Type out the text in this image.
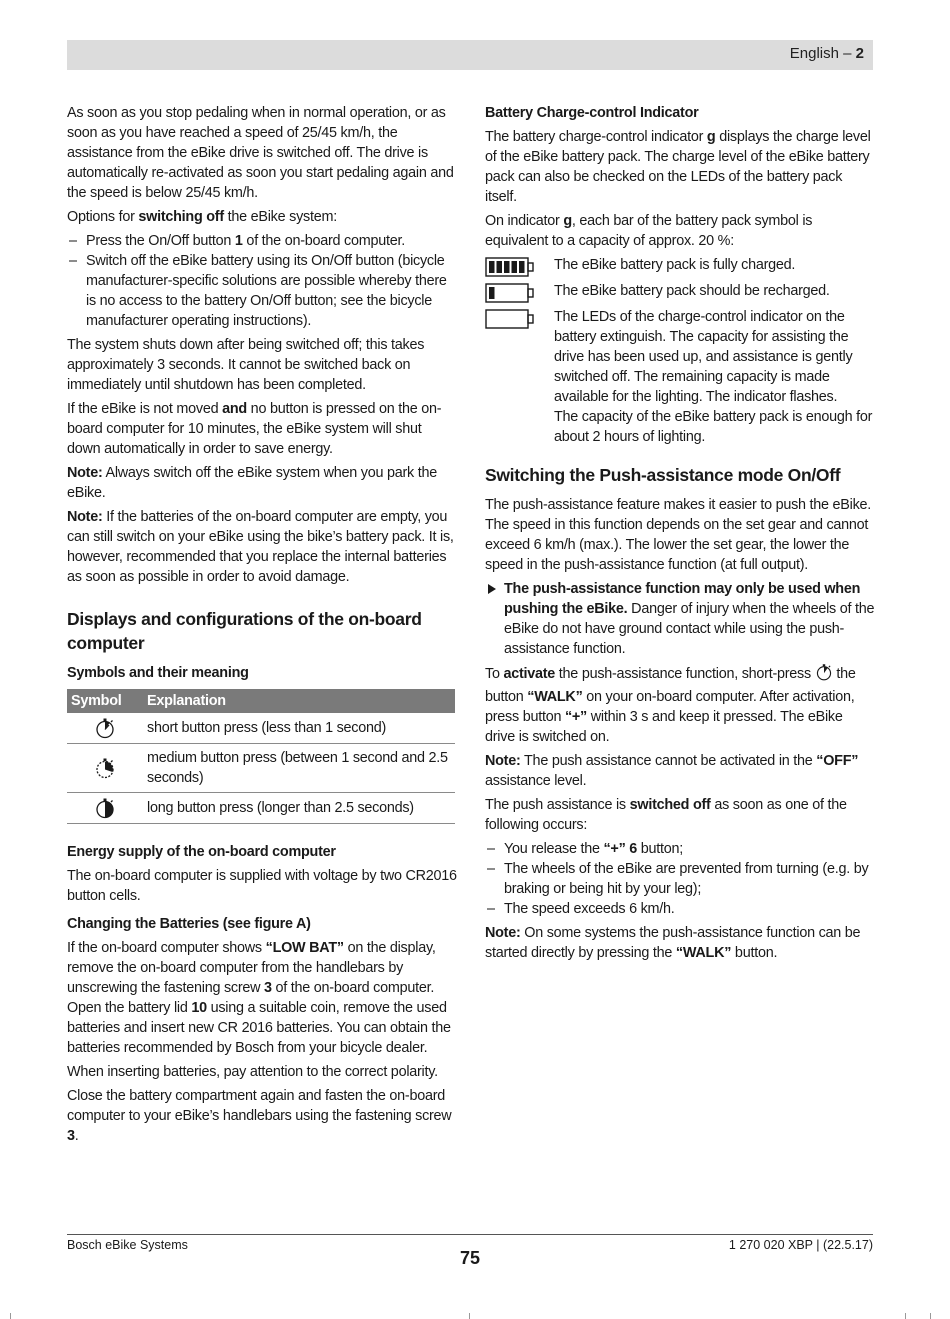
English – 2

As soon as you stop pedaling when in normal operation, or as soon as you have reached a speed of 25/45 km/h, the assistance from the eBike drive is switched off. The drive is automatically re-activated as soon you start pedaling again and the speed is below 25/45 km/h.

Options for switching off the eBike system:

– Press the On/Off button 1 of the on-board computer.
– Switch off the eBike battery using its On/Off button (bicycle manufacturer-specific solutions are possible whereby there is no access to the battery On/Off button; see the bicycle manufacturer operating instructions).

The system shuts down after being switched off; this takes approximately 3 seconds. It cannot be switched back on immediately until shutdown has been completed.

If the eBike is not moved and no button is pressed on the on-board computer for 10 minutes, the eBike system will shut down automatically in order to save energy.

Note: Always switch off the eBike system when you park the eBike.

Note: If the batteries of the on-board computer are empty, you can still switch on your eBike using the bike’s battery pack. It is, however, recommended that you replace the internal batteries as soon as possible in order to avoid damage.

Displays and configurations of the on-board computer
Symbols and their meaning
Symbol	Explanation

	short button press (less than 1 second)

	medium button press (between 1 second and 2.5 seconds)

	long button press (longer than 2.5 seconds)
Energy supply of the on-board computer

The on-board computer is supplied with voltage by two CR2016 button cells.

Changing the Batteries (see figure A)

If the on-board computer shows “LOW BAT” on the display, remove the on-board computer from the handlebars by unscrewing the fastening screw 3 of the on-board computer. Open the battery lid 10 using a suitable coin, remove the used batteries and insert new CR 2016 batteries. You can obtain the batteries recommended by Bosch from your bicycle dealer.

When inserting batteries, pay attention to the correct polarity.

Close the battery compartment again and fasten the on-board computer to your eBike’s handlebars using the fastening screw 3.

Battery Charge-control Indicator

The battery charge-control indicator g displays the charge level of the eBike battery pack. The charge level of the eBike battery pack can also be checked on the LEDs of the battery pack itself.

On indicator g, each bar of the battery pack symbol is equivalent to a capacity of approx. 20 %:

The eBike battery pack is fully charged.
The eBike battery pack should be recharged.
The LEDs of the charge-control indicator on the battery extinguish. The capacity for assisting the drive has been used up, and assistance is gently switched off. The remaining capacity is made available for the lighting. The indicator flashes.
The capacity of the eBike battery pack is enough for about 2 hours of lighting.
Switching the Push-assistance mode On/Off

The push-assistance feature makes it easier to push the eBike. The speed in this function depends on the set gear and cannot exceed 6 km/h (max.). The lower the set gear, the lower the speed in the push-assistance function (at full output).

The push-assistance function may only be used when pushing the eBike. Danger of injury when the wheels of the eBike do not have ground contact while using the push-assistance function.

To activate the push-assistance function, short-press  the button “WALK” on your on-board computer. After activation, press button “+” within 3 s and keep it pressed. The eBike drive is switched on.

Note: The push assistance cannot be activated in the “OFF” assistance level.

The push assistance is switched off as soon as one of the following occurs:

– You release the “+” 6 button;
– The wheels of the eBike are prevented from turning (e.g. by braking or being hit by your leg);
– The speed exceeds 6 km/h.

Note: On some systems the push-assistance function can be started directly by pressing the “WALK” button.

Bosch eBike Systems	1 270 020 XBP | (22.5.17)
75
